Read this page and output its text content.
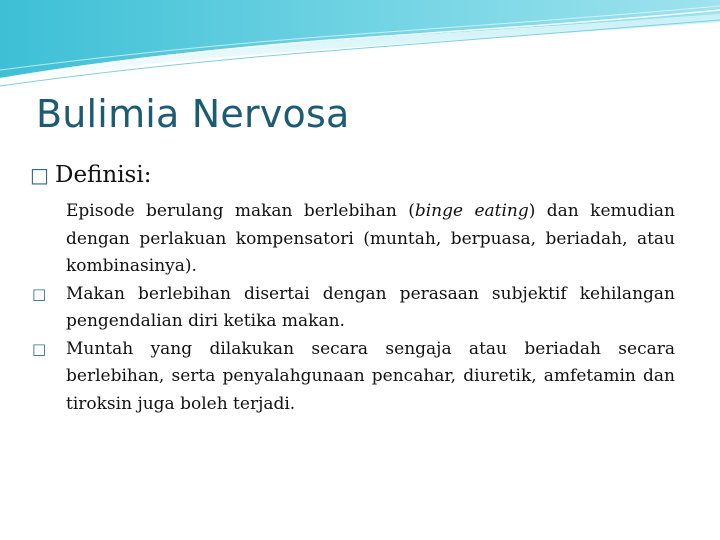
Bulimia Nervosa
□ Definisi:
Episode berulang makan berlebihan (binge eating) dan kemudian dengan perlakuan kompensatori (muntah, berpuasa, beriadah, atau kombinasinya).
□ Makan berlebihan disertai dengan perasaan subjektif kehilangan pengendalian diri ketika makan.
□ Muntah yang dilakukan secara sengaja atau beriadah secara berlebihan, serta penyalahgunaan pencahar, diuretik, amfetamin dan tiroksin juga boleh terjadi.
